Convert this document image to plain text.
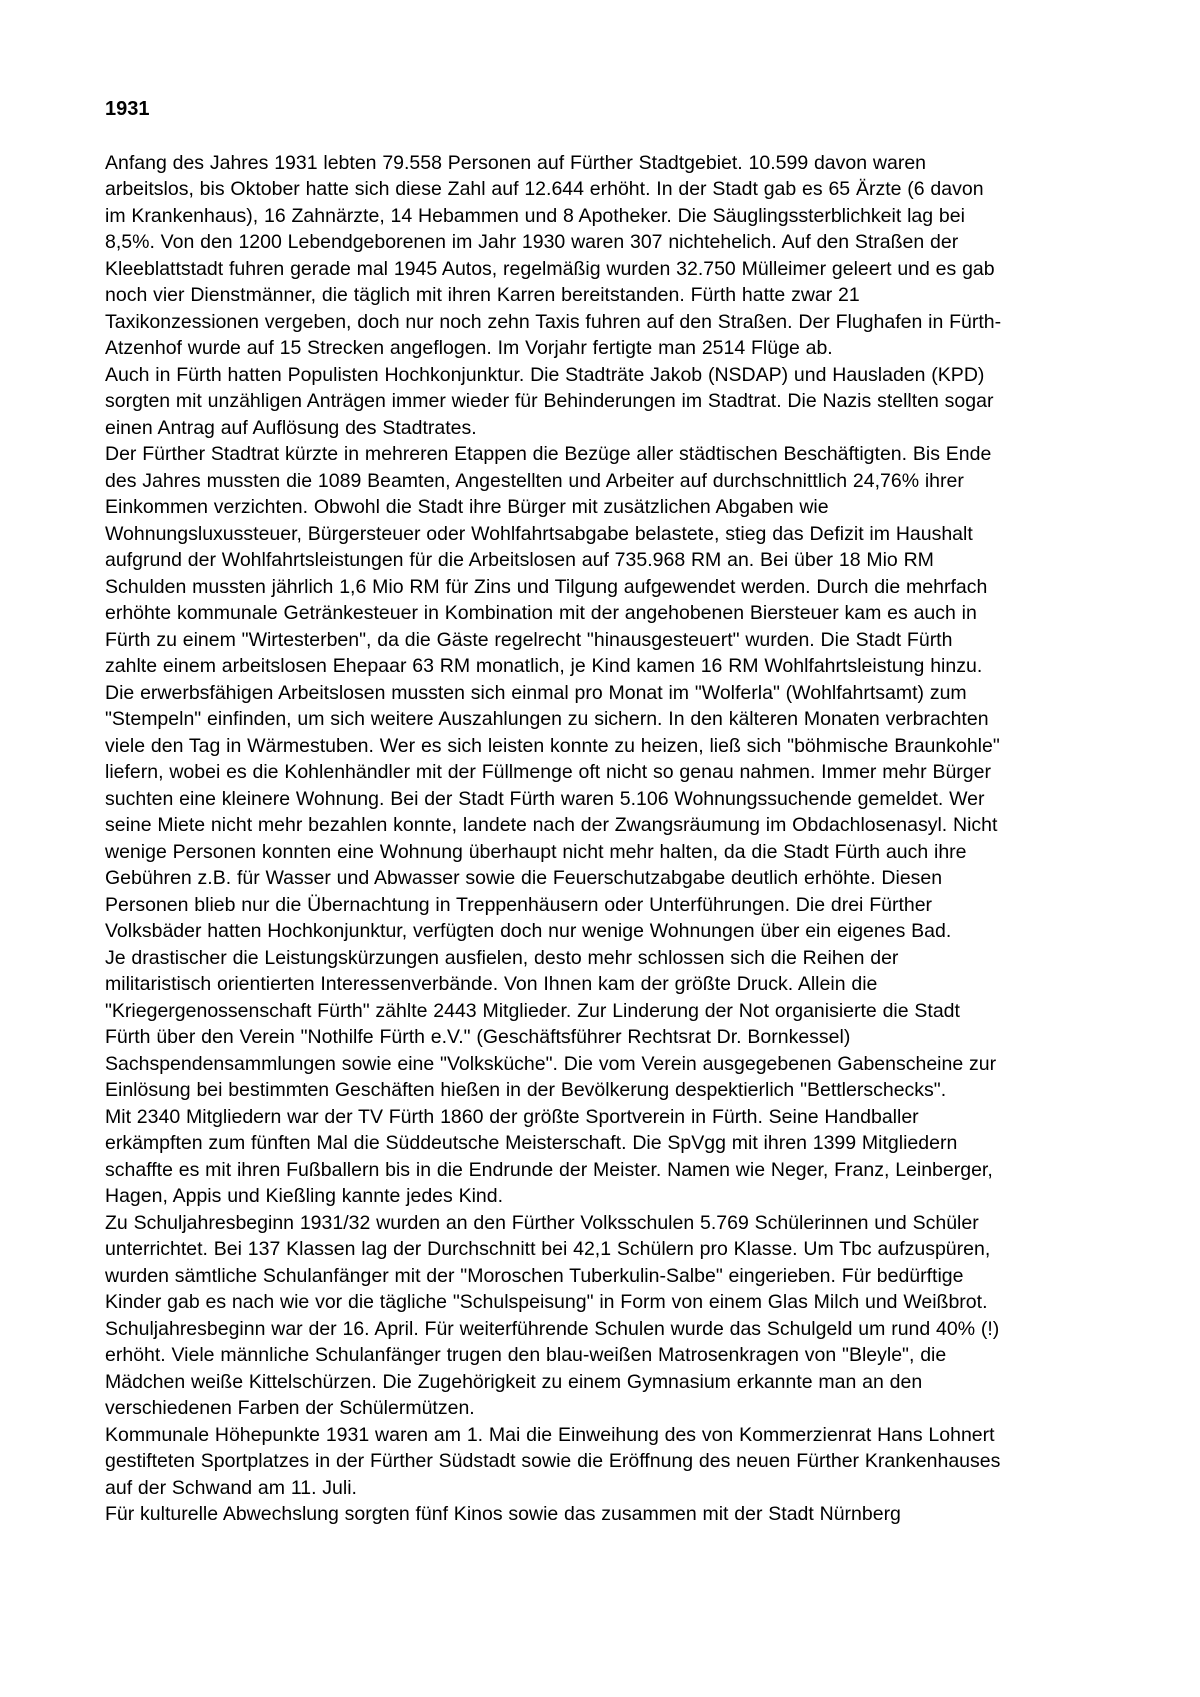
1931

Anfang des Jahres 1931 lebten 79.558 Personen auf Fürther Stadtgebiet. 10.599 davon waren arbeitslos, bis Oktober hatte sich diese Zahl auf 12.644 erhöht. In der Stadt gab es 65 Ärzte (6 davon im Krankenhaus), 16 Zahnärzte, 14 Hebammen und 8 Apotheker. Die Säuglingssterblichkeit lag bei 8,5%. Von den 1200 Lebendgeborenen im Jahr 1930 waren 307 nichtehelich. Auf den Straßen der Kleeblattstadt fuhren gerade mal 1945 Autos, regelmäßig wurden 32.750 Mülleimer geleert und es gab noch vier Dienstmänner, die täglich mit ihren Karren bereitstanden. Fürth hatte zwar 21 Taxikonzessionen vergeben, doch nur noch zehn Taxis fuhren auf den Straßen. Der Flughafen in Fürth-Atzenhof wurde auf 15 Strecken angeflogen. Im Vorjahr fertigte man 2514 Flüge ab.

Auch in Fürth hatten Populisten Hochkonjunktur. Die Stadträte Jakob (NSDAP) und Hausladen (KPD) sorgten mit unzähligen Anträgen immer wieder für Behinderungen im Stadtrat. Die Nazis stellten sogar einen Antrag auf Auflösung des Stadtrates.

Der Fürther Stadtrat kürzte in mehreren Etappen die Bezüge aller städtischen Beschäftigten. Bis Ende des Jahres mussten die 1089 Beamten, Angestellten und Arbeiter auf durchschnittlich 24,76% ihrer Einkommen verzichten. Obwohl die Stadt ihre Bürger mit zusätzlichen Abgaben wie Wohnungsluxussteuer, Bürgersteuer oder Wohlfahrtsabgabe belastete, stieg das Defizit im Haushalt aufgrund der Wohlfahrtsleistungen für die Arbeitslosen auf 735.968 RM an. Bei über 18 Mio RM Schulden mussten jährlich 1,6 Mio RM für Zins und Tilgung aufgewendet werden. Durch die mehrfach erhöhte kommunale Getränkesteuer in Kombination mit der angehobenen Biersteuer kam es auch in Fürth zu einem "Wirtesterben", da die Gäste regelrecht "hinausgesteuert" wurden. Die Stadt Fürth zahlte einem arbeitslosen Ehepaar 63 RM monatlich, je Kind kamen 16 RM Wohlfahrtsleistung hinzu. Die erwerbsfähigen Arbeitslosen mussten sich einmal pro Monat im "Wolferla" (Wohlfahrtsamt) zum "Stempeln" einfinden, um sich weitere Auszahlungen zu sichern. In den kälteren Monaten verbrachten viele den Tag in Wärmestuben. Wer es sich leisten konnte zu heizen, ließ sich "böhmische Braunkohle" liefern, wobei es die Kohlenhändler mit der Füllmenge oft nicht so genau nahmen. Immer mehr Bürger suchten eine kleinere Wohnung. Bei der Stadt Fürth waren 5.106 Wohnungssuchende gemeldet. Wer seine Miete nicht mehr bezahlen konnte, landete nach der Zwangsräumung im Obdachlosenasyl. Nicht wenige Personen konnten eine Wohnung überhaupt nicht mehr halten, da die Stadt Fürth auch ihre Gebühren z.B. für Wasser und Abwasser sowie die Feuerschutzabgabe deutlich erhöhte. Diesen Personen blieb nur die Übernachtung in Treppenhäusern oder Unterführungen. Die drei Fürther Volksbäder hatten Hochkonjunktur, verfügten doch nur wenige Wohnungen über ein eigenes Bad.

Je drastischer die Leistungskürzungen ausfielen, desto mehr schlossen sich die Reihen der militaristisch orientierten Interessenverbände. Von Ihnen kam der größte Druck. Allein die "Kriegergenossenschaft Fürth" zählte 2443 Mitglieder. Zur Linderung der Not organisierte die Stadt Fürth über den Verein "Nothilfe Fürth e.V." (Geschäftsführer Rechtsrat Dr. Bornkessel) Sachspendensammlungen sowie eine "Volksküche". Die vom Verein ausgegebenen Gabenscheine zur Einlösung bei bestimmten Geschäften hießen in der Bevölkerung despektierlich "Bettlerschecks".

Mit 2340 Mitgliedern war der TV Fürth 1860 der größte Sportverein in Fürth. Seine Handballer erkämpften zum fünften Mal die Süddeutsche Meisterschaft. Die SpVgg mit ihren 1399 Mitgliedern schaffte es mit ihren Fußballern bis in die Endrunde der Meister. Namen wie Neger, Franz, Leinberger, Hagen, Appis und Kießling kannte jedes Kind.

Zu Schuljahresbeginn 1931/32 wurden an den Fürther Volksschulen 5.769 Schülerinnen und Schüler unterrichtet. Bei 137 Klassen lag der Durchschnitt bei 42,1 Schülern pro Klasse. Um Tbc aufzuspüren, wurden sämtliche Schulanfänger mit der "Moroschen Tuberkulin-Salbe" eingerieben. Für bedürftige Kinder gab es nach wie vor die tägliche "Schulspeisung" in Form von einem Glas Milch und Weißbrot. Schuljahresbeginn war der 16. April. Für weiterführende Schulen wurde das Schulgeld um rund 40% (!) erhöht. Viele männliche Schulanfänger trugen den blau-weißen Matrosenkragen von "Bleyle", die Mädchen weiße Kittelschürzen. Die Zugehörigkeit zu einem Gymnasium erkannte man an den verschiedenen Farben der Schülermützen.

Kommunale Höhepunkte 1931 waren am 1. Mai die Einweihung des von Kommerzienrat Hans Lohnert gestifteten Sportplatzes in der Fürther Südstadt sowie die Eröffnung des neuen Fürther Krankenhauses auf der Schwand am 11. Juli.

Für kulturelle Abwechslung sorgten fünf Kinos sowie das zusammen mit der Stadt Nürnberg
